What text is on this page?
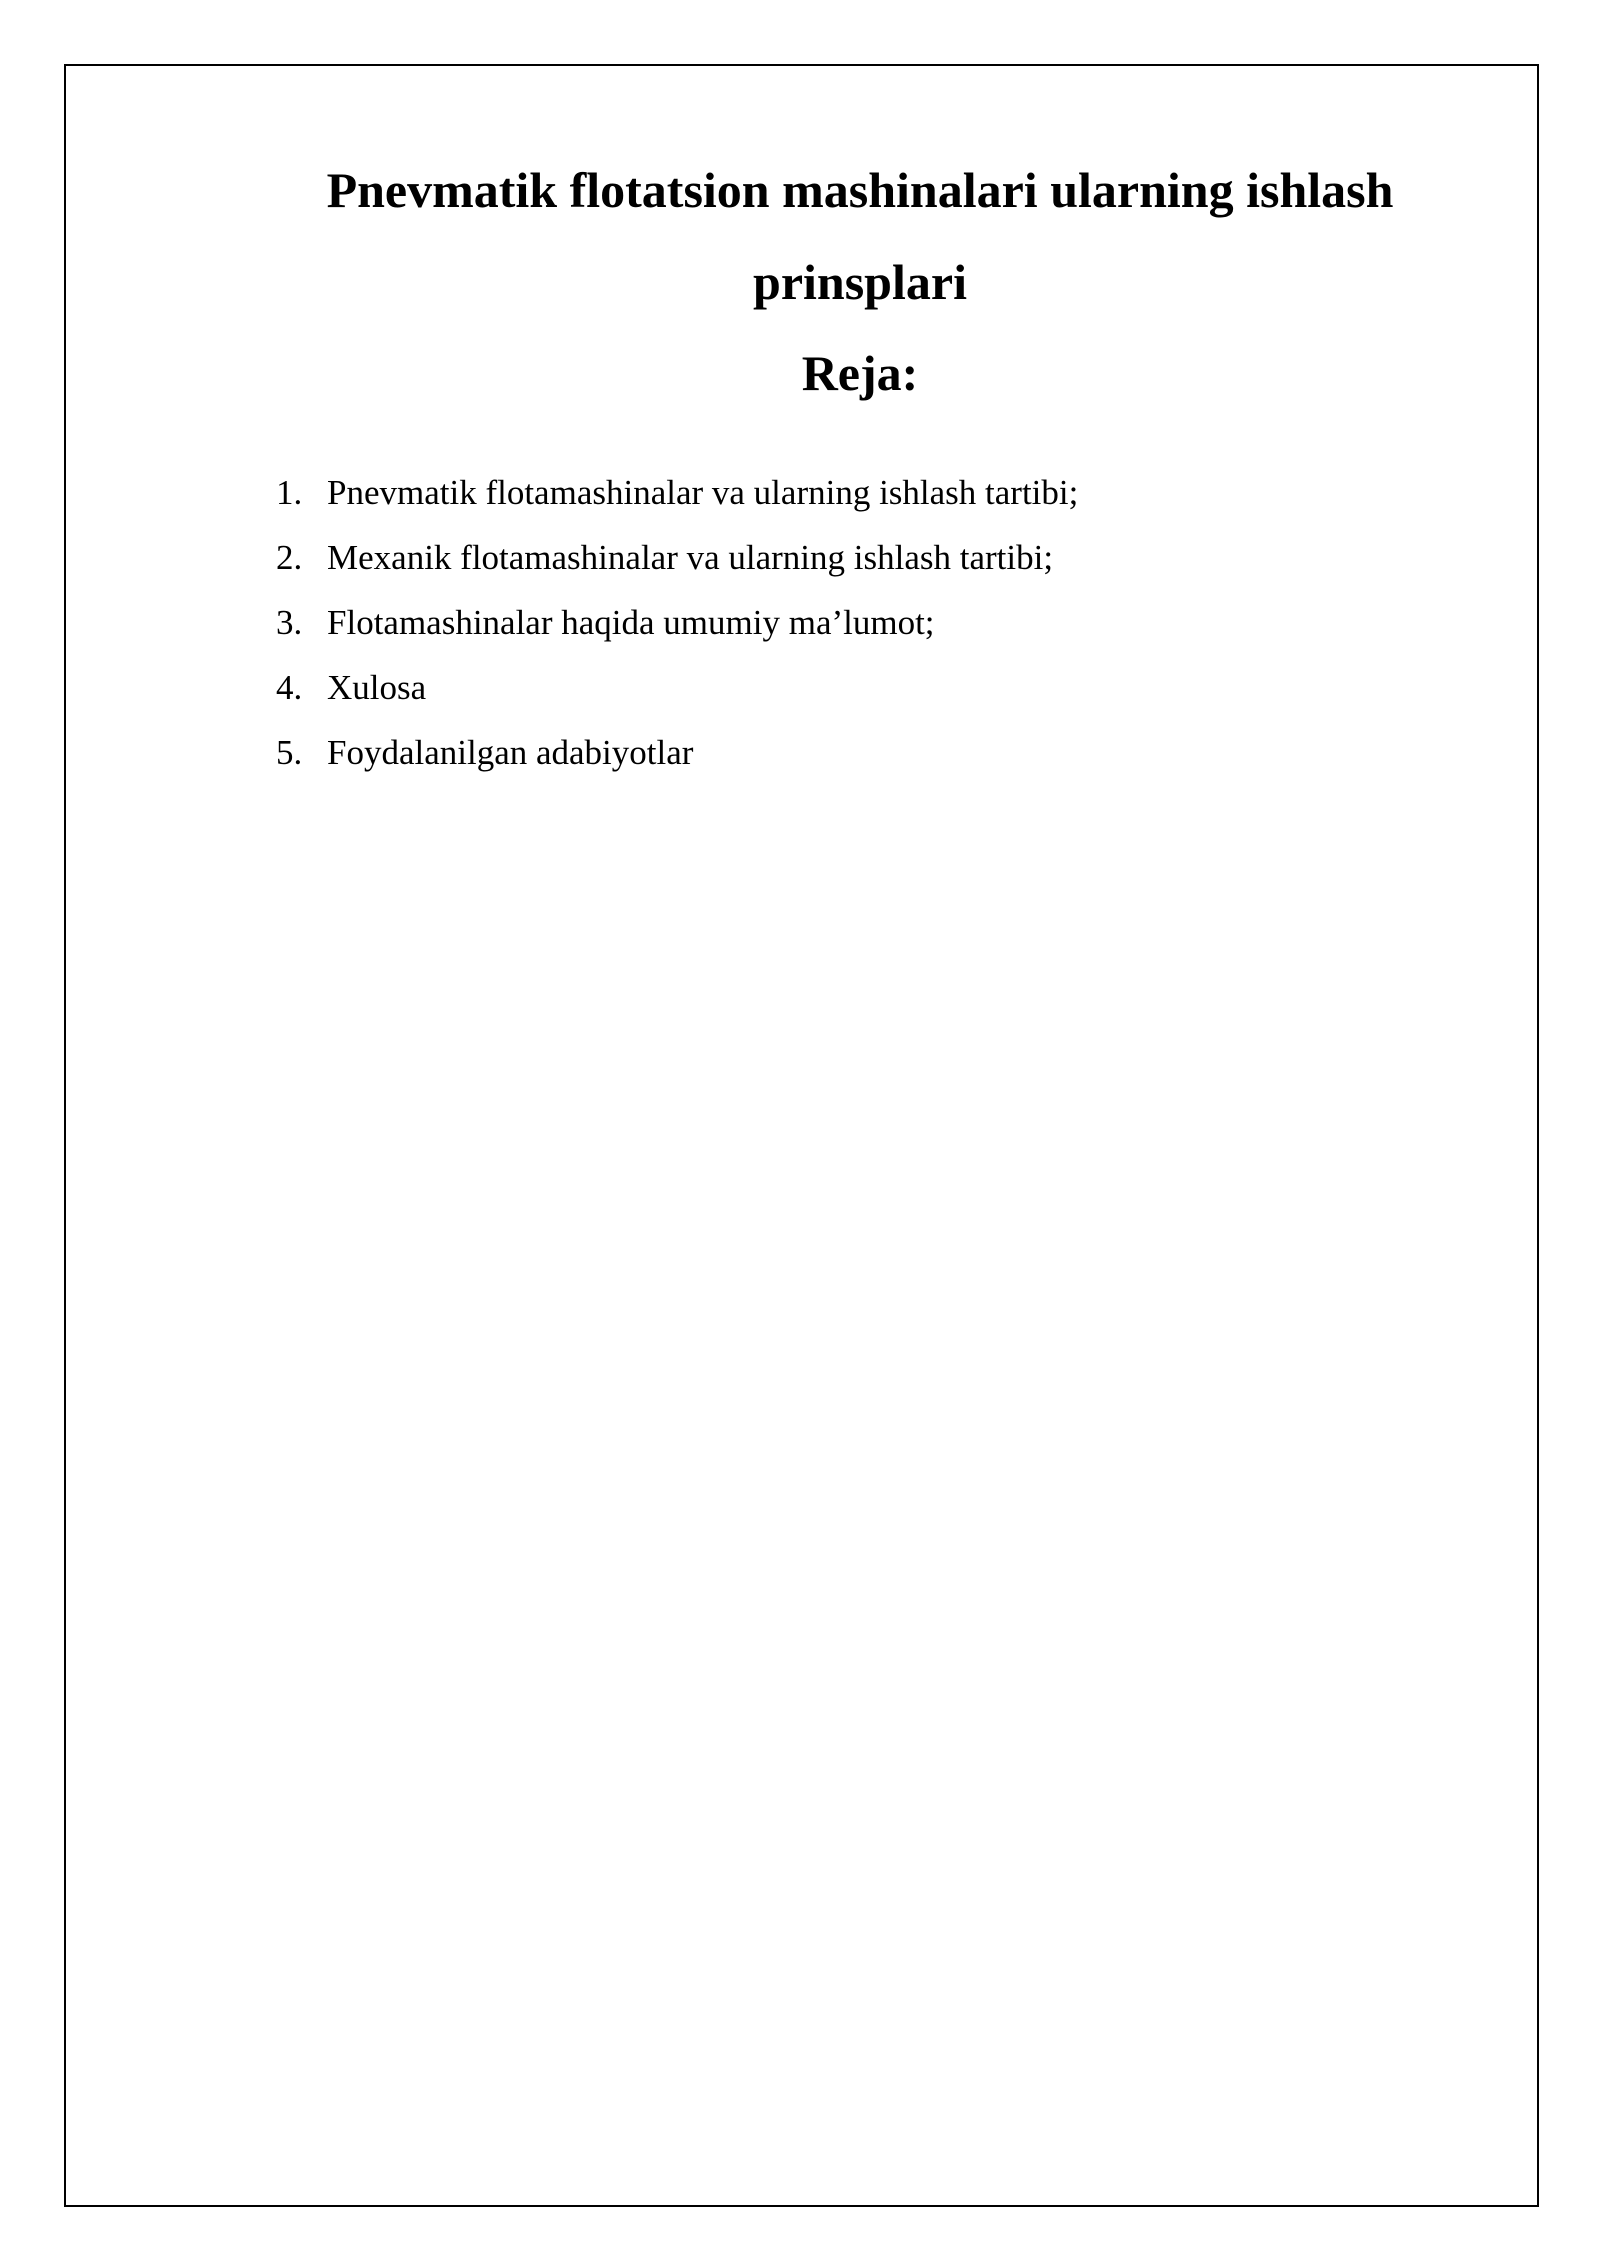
Pnevmatik flotatsion mashinalari ularning ishlash
prinsplari
Reja:
1. Pnevmatik flotamashinalar va ularning ishlash tartibi;
2. Mexanik flotamashinalar va ularning ishlash tartibi;
3. Flotamashinalar haqida umumiy ma’lumot;
4. Xulosa
5. Foydalanilgan adabiyotlar
